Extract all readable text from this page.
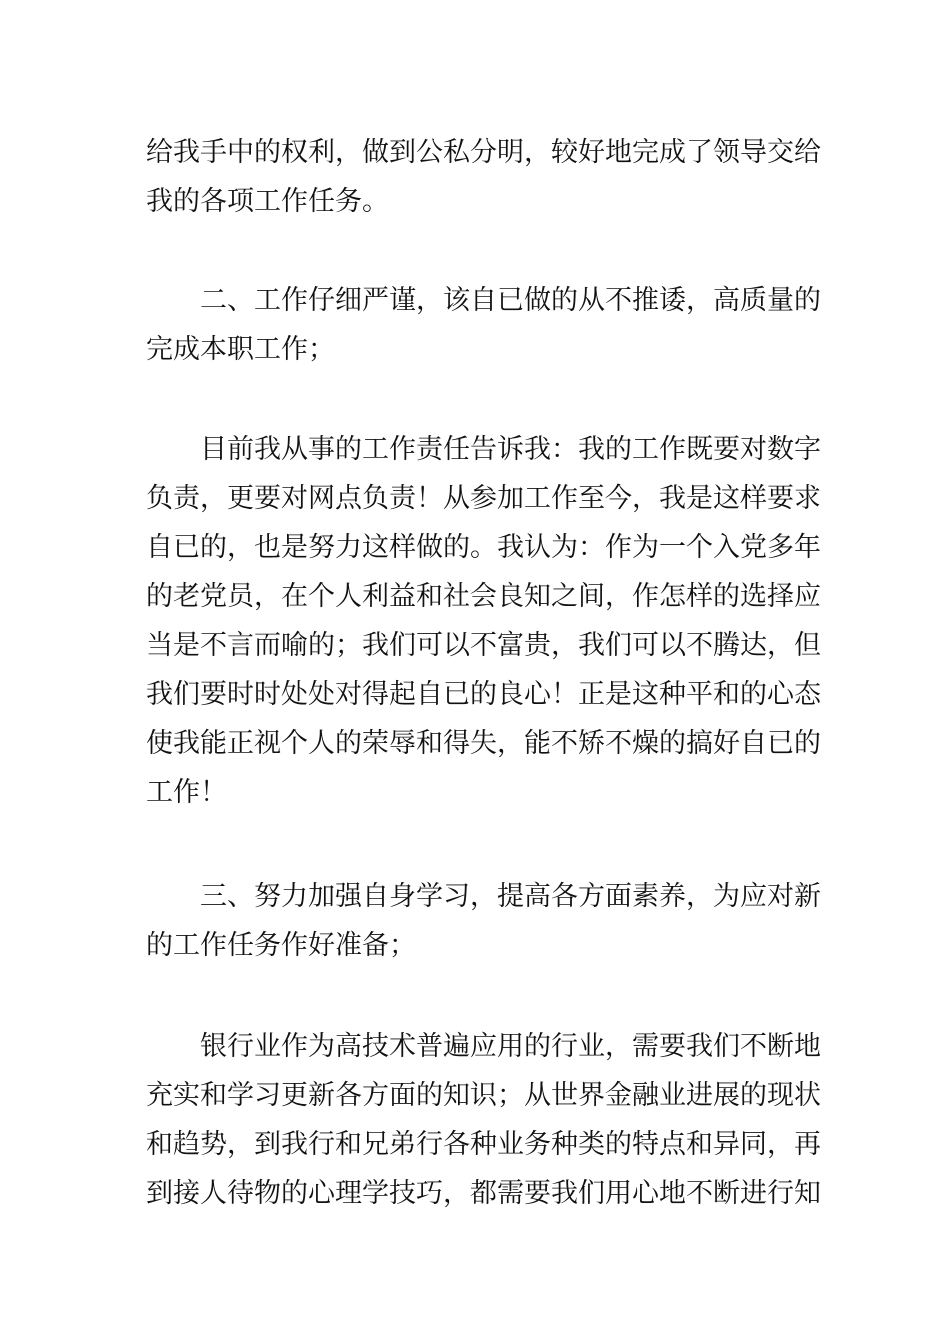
给我手中的权利，做到公私分明，较好地完成了领导交给
我的各项工作任务。
二、工作仔细严谨，该自已做的从不推诿，高质量的
完成本职工作；
目前我从事的工作责任告诉我：我的工作既要对数字
负责，更要对网点负责！从参加工作至今，我是这样要求
自已的，也是努力这样做的。我认为：作为一个入党多年
的老党员，在个人利益和社会良知之间，作怎样的选择应
当是不言而喻的；我们可以不富贵，我们可以不腾达，但
我们要时时处处对得起自已的良心！正是这种平和的心态
使我能正视个人的荣辱和得失，能不矫不燥的搞好自已的
工作！
三、努力加强自身学习，提高各方面素养，为应对新
的工作任务作好准备；
银行业作为高技术普遍应用的行业，需要我们不断地
充实和学习更新各方面的知识；从世界金融业进展的现状
和趋势，到我行和兄弟行各种业务种类的特点和异同，再
到接人待物的心理学技巧，都需要我们用心地不断进行知
